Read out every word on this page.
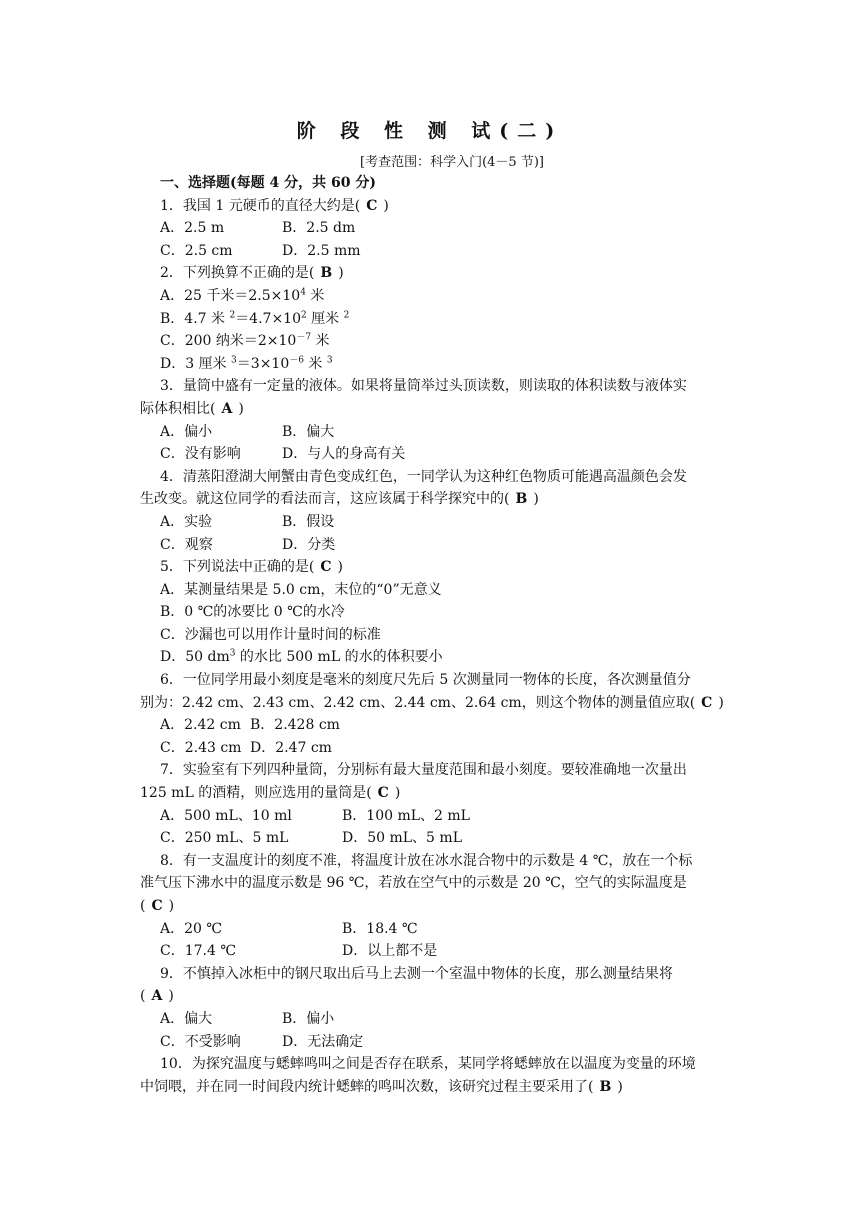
阶 段 性 测 试(二)
[考查范围：科学入门(4－5 节)]
一、选择题(每题 4 分，共 60 分)
1．我国 1 元硬币的直径大约是( C )
A．2.5 m	B．2.5 dm
C．2.5 cm	D．2.5 mm
2．下列换算不正确的是( B )
A．25 千米$=2.5\times 10^4$ 米
B．4.7 米 $^2=4.7\times 10^2$ 厘米 $^2$
C．200 纳米$=2\times 10^{-7}$ 米
D．3 厘米 $^3=3\times 10^{-6}$ 米 $^3$
3．量筒中盛有一定量的液体。如果将量筒举过头顶读数，则读取的体积读数与液体实
际体积相比( A )
A．偏小	B．偏大
C．没有影响	D．与人的身高有关
4．清蒸阳澄湖大闸蟹由青色变成红色，一同学认为这种红色物质可能遇高温颜色会发
生改变。就这位同学的看法而言，这应该属于科学探究中的( B )
A．实验	B．假设
C．观察	D．分类
5．下列说法中正确的是( C )
A．某测量结果是 5.0 cm，末位的“0”无意义
B．0 ℃的冰要比 0 ℃的水冷
C．沙漏也可以用作计量时间的标准
D．50 $dm^3$ 的水比 500 mL 的水的体积要小
6．一位同学用最小刻度是毫米的刻度尺先后 5 次测量同一物体的长度，各次测量值分
别为：2.42 cm、2.43 cm、2.42 cm、2.44 cm、2.64 cm，则这个物体的测量值应取( C )
A．2.42 cm B．2.428 cm
C．2.43 cm D．2.47 cm
7．实验室有下列四种量筒，分别标有最大量度范围和最小刻度。要较准确地一次量出
125 mL 的酒精，则应选用的量筒是( C )
A．500 mL、10 ml	B．100 mL、2 mL
C．250 mL、5 mL	D．50 mL、5 mL
8．有一支温度计的刻度不准，将温度计放在冰水混合物中的示数是 4 ℃，放在一个标
准气压下沸水中的温度示数是 96 ℃，若放在空气中的示数是 20 ℃，空气的实际温度是
( C )
A．20 ℃	B．18.4 ℃
C．17.4 ℃	D．以上都不是
9．不慎掉入冰柜中的钢尺取出后马上去测一个室温中物体的长度，那么测量结果将
( A )
A．偏大	B．偏小
C．不受影响	D．无法确定
10．为探究温度与蟋蟀鸣叫之间是否存在联系，某同学将蟋蟀放在以温度为变量的环境
中饲喂，并在同一时间段内统计蟋蟀的鸣叫次数，该研究过程主要采用了( B )
